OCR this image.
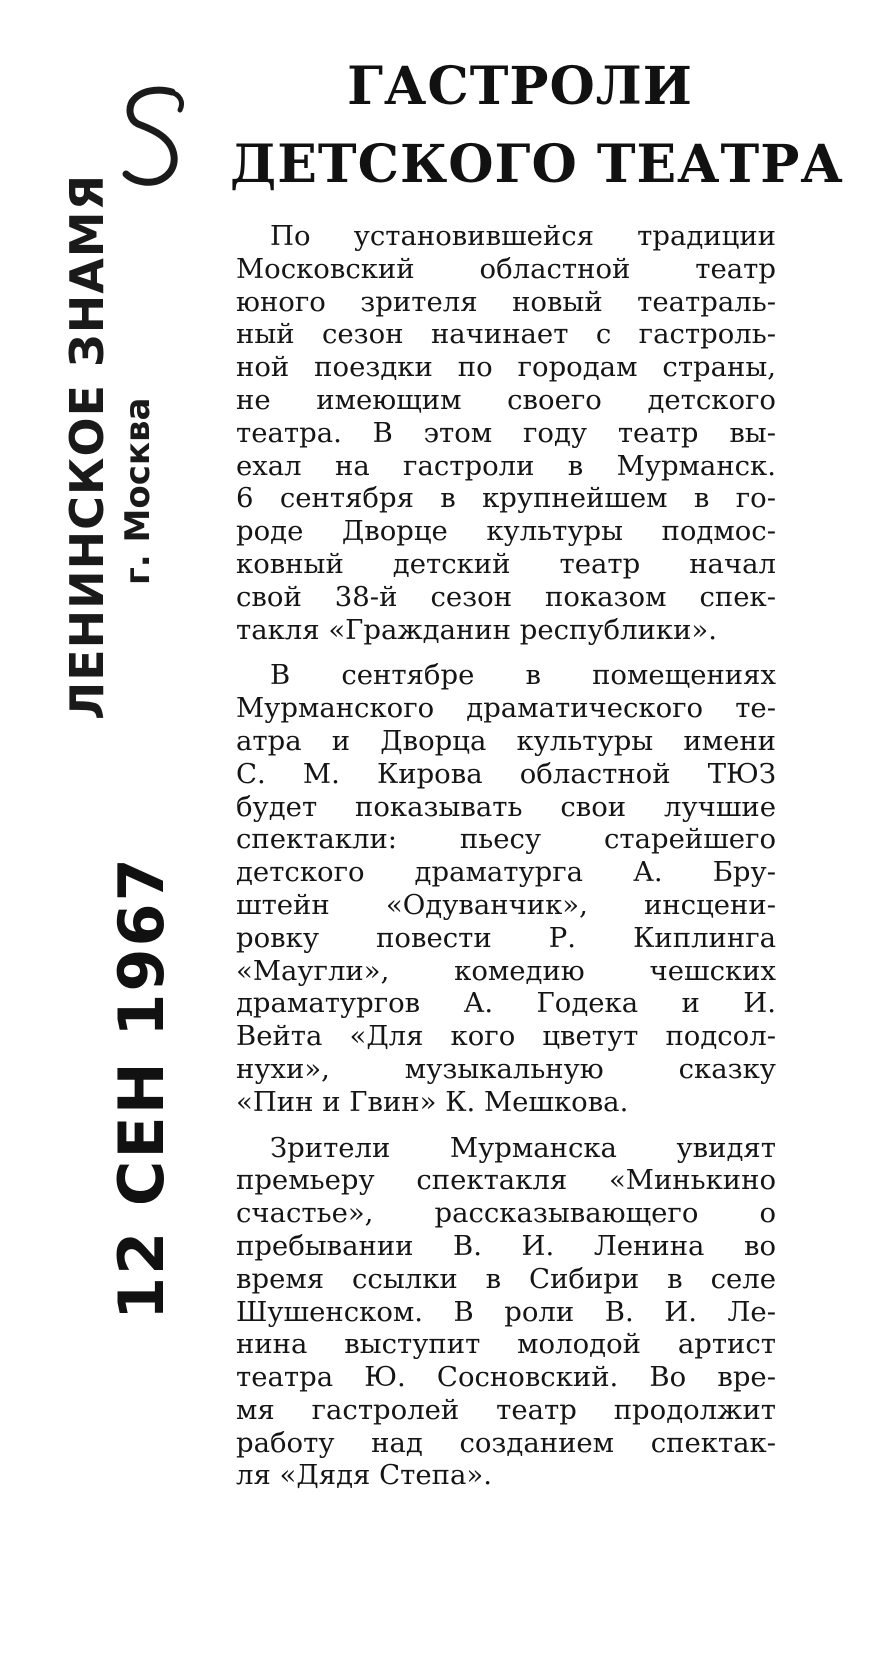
ЛЕНИНСКОЕ ЗНАМЯ г. Москва
12 СЕН 1967
ГАСТРОЛИ
ДЕТСКОГО ТЕАТРА
По установившейся традиции
Московский областной театр
юного зрителя новый театраль-
ный сезон начинает с гастроль-
ной поездки по городам страны,
не имеющим своего детского
театра. В этом году театр вы-
ехал на гастроли в Мурманск.
6 сентября в крупнейшем в го-
роде Дворце культуры подмос-
ковный детский театр начал
свой 38-й сезон показом спек-
такля «Гражданин республики».
В сентябре в помещениях
Мурманского драматического те-
атра и Дворца культуры имени
С. М. Кирова областной ТЮЗ
будет показывать свои лучшие
спектакли: пьесу старейшего
детского драматурга А. Бру-
штейн «Одуванчик», инсцени-
ровку повести Р. Киплинга
«Маугли», комедию чешских
драматургов А. Годека и И.
Вейта «Для кого цветут подсол-
нухи», музыкальную сказку
«Пин и Гвин» К. Мешкова.
Зрители Мурманска увидят
премьеру спектакля «Минькино
счастье», рассказывающего о
пребывании В. И. Ленина во
время ссылки в Сибири в селе
Шушенском. В роли В. И. Ле-
нина выступит молодой артист
театра Ю. Сосновский. Во вре-
мя гастролей театр продолжит
работу над созданием спектак-
ля «Дядя Степа».
